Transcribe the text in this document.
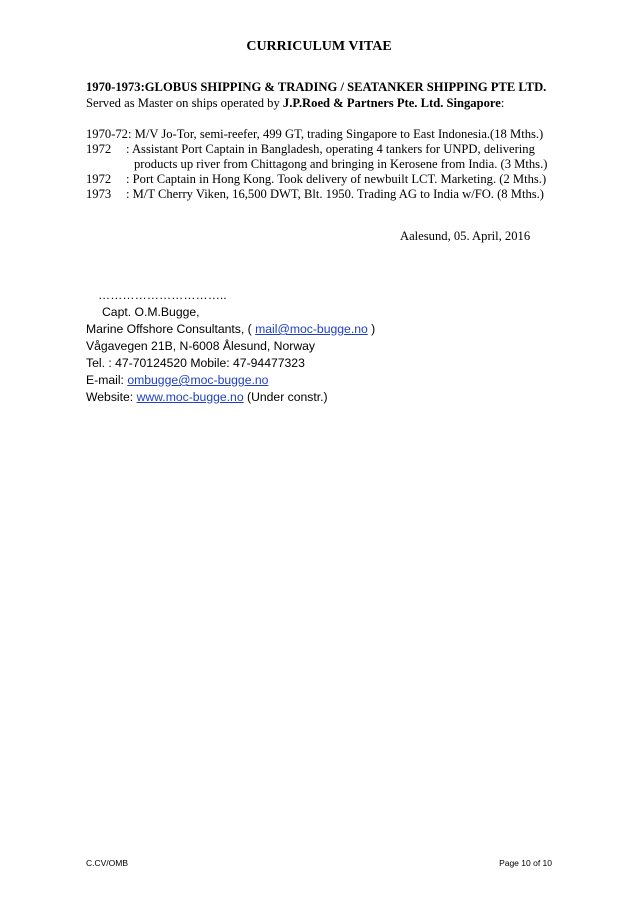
CURRICULUM VITAE
1970-1973:GLOBUS SHIPPING & TRADING / SEATANKER SHIPPING PTE LTD.
Served as Master on ships operated by J.P.Roed & Partners Pte. Ltd. Singapore:
1970-72: M/V Jo-Tor, semi-reefer, 499 GT, trading Singapore to East Indonesia.(18 Mths.)
1972 : Assistant Port Captain in Bangladesh, operating 4 tankers for UNPD, delivering
products up river from Chittagong and bringing in Kerosene from India. (3 Mths.)
1972 : Port Captain in Hong Kong. Took delivery of newbuilt LCT. Marketing. (2 Mths.)
1973 : M/T Cherry Viken, 16,500 DWT, Blt. 1950. Trading AG to India w/FO. (8 Mths.)
Aalesund, 05. April, 2016
…………………………..
Capt. O.M.Bugge,
Marine Offshore Consultants, ( mail@moc-bugge.no )
Vågavegen 21B, N-6008 Ålesund, Norway
Tel. : 47-70124520 Mobile: 47-94477323
E-mail: ombugge@moc-bugge.no
Website: www.moc-bugge.no (Under constr.)
C.CV/OMB	Page 10 of 10
